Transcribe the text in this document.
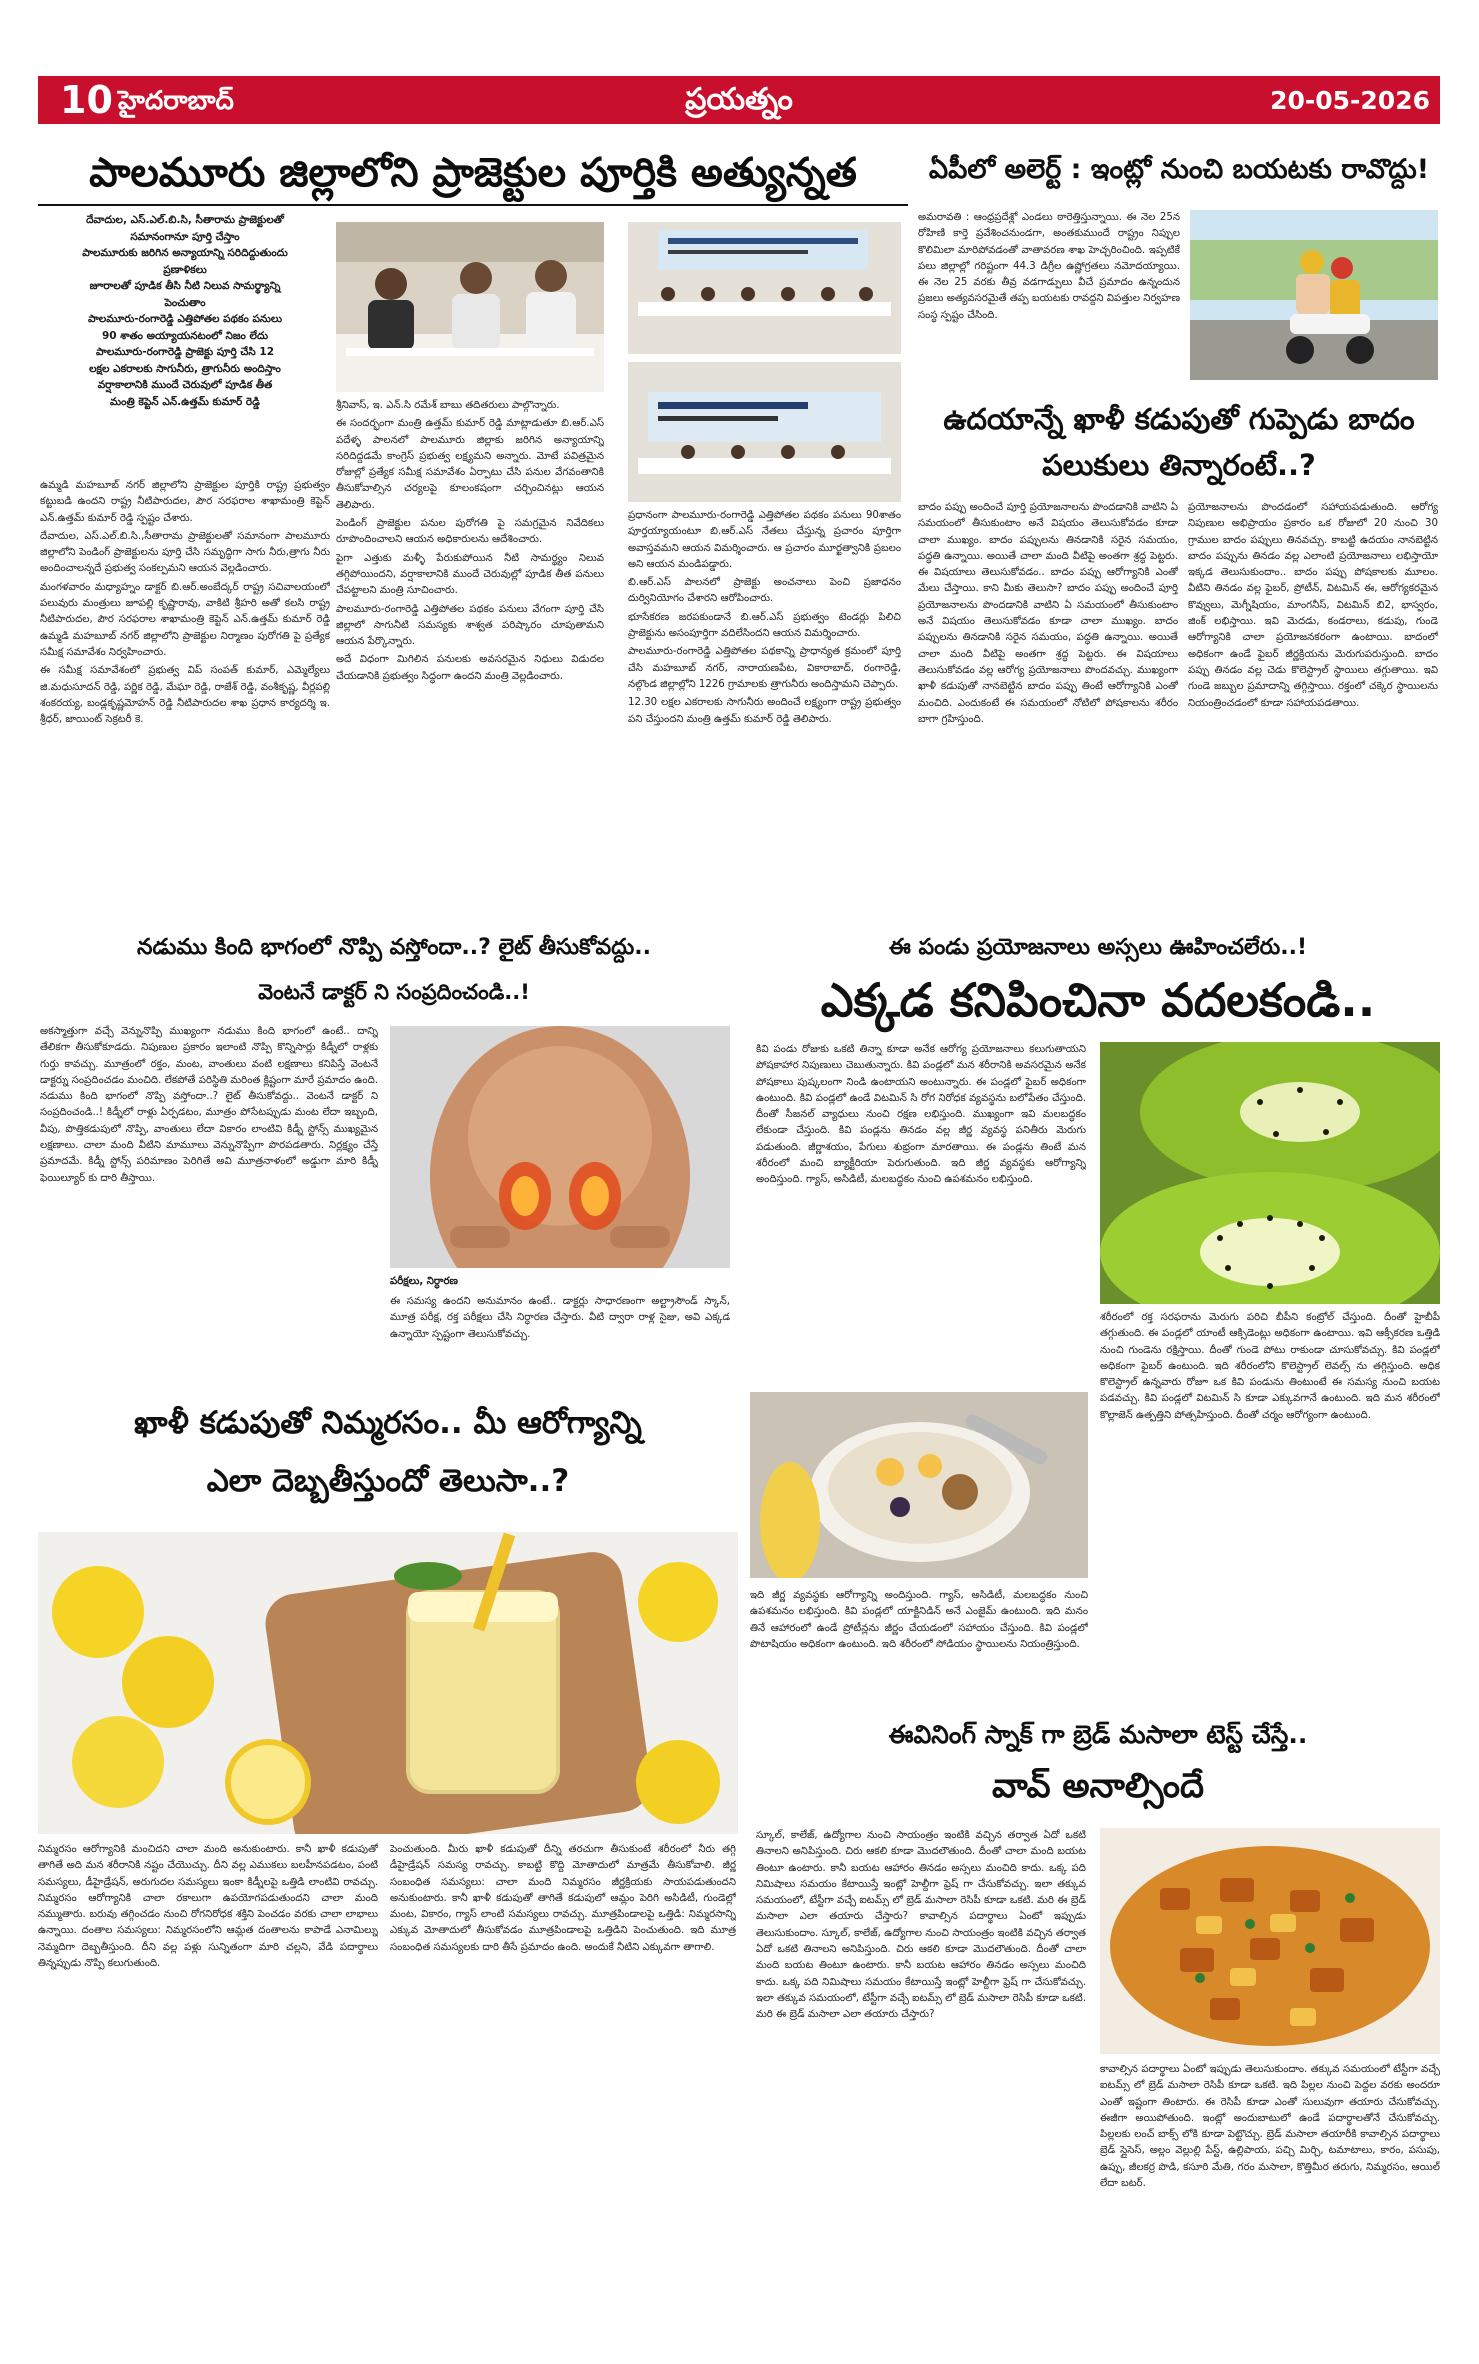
10 హైదరాబాద్	ప్రయత్నం	20-05-2026
పాలమూరు జిల్లాలోని ప్రాజెక్టుల పూర్తికి అత్యున్నత
దేవాదుల, ఎస్.ఎల్.బి.సి, సీతారామ ప్రాజెక్టులతో
సమానంగానూ పూర్తి చేస్తాం
పాలమూరుకు జరిగిన అన్యాయాన్ని సరిదిద్దుతుందు
ప్రణాళికలు
జూరాలతో పూడిక తీసి నీటి నిలువ సామర్థ్యాన్ని
పెంచుతాం
పాలమూరు-రంగారెడ్డి ఎత్తిపోతల పథకం పనులు
90 శాతం అయ్యాయనటంలో నిజం లేదు
పాలమూరు-రంగారెడ్డి ప్రాజెక్టు పూర్తి చేసి 12
లక్షల ఎకరాలకు సాగునీరు, త్రాగునీరు అందిస్తాం
వర్షాకాలానికి ముందే చెరువులో పూడిక తీత
మంత్రి కెప్టెన్ ఎన్.ఉత్తమ్ కుమార్ రెడ్డి

ఉమ్మడి మహబూబ్ నగర్ జిల్లాలోని ప్రాజెక్టుల పూర్తికి రాష్ట్ర ప్రభుత్వం కట్టుబడి ఉందని రాష్ట్ర నీటిపారుదల, పౌర సరఫరాల శాఖామంత్రి కెప్టెన్ ఎన్.ఉత్తమ్ కుమార్ రెడ్డి స్పష్టం చేశారు.

దేవాదుల, ఎస్.ఎల్.బి.సి.,సీతారామ ప్రాజెక్టులతో సమానంగా పాలమూరు జిల్లాలోని పెండింగ్ ప్రాజెక్టులను పూర్తి చేసి సమృద్ధిగా సాగు నీరు,త్రాగు నీరు అందించాలన్నదే ప్రభుత్వ సంకల్పమని ఆయన వెల్లడించారు.

మంగళవారం మధ్యాహ్నం డాక్టర్ బి.ఆర్.అంబేద్కర్ రాష్ట్ర సచివాలయంలో పలువురు మంత్రులు జూపల్లి కృష్ణారావు, వాకిటి శ్రీహరి అతో కలసి రాష్ట్ర నీటిపారుదల, పౌర సరఫరాల శాఖామంత్రి కెప్టెన్ ఎన్.ఉత్తమ్ కుమార్ రెడ్డి ఉమ్మడి మహబూబ్ నగర్ జిల్లాలోని ప్రాజెక్టుల నిర్మాణం పురోగతి పై ప్రత్యేక సమీక్ష సమావేశం నిర్వహించారు.

ఈ సమీక్ష సమావేశంలో ప్రభుత్వ విప్ సంపత్ కుమార్, ఎమ్మెల్యేలు జి.మధుసూదన్ రెడ్డి, పర్ణిక రెడ్డి, మేఘా రెడ్డి, రాజేశ్ రెడ్డి, వంశీకృష్ణ, వీర్లపల్లి శంకరయ్య, బండ్లకృష్ణమోహన్ రెడ్డి నీటిపారుదల శాఖ ప్రధాన కార్యదర్శి ఇ. శ్రీధర్, జాయింట్ సెక్రటరీ కె.

శ్రీనివాస్, ఇ. ఎన్.సి రమేశ్ బాబు తదితరులు పాల్గొన్నారు.

ఈ సందర్భంగా మంత్రి ఉత్తమ్ కుమార్ రెడ్డి మాట్లాడుతూ బి.ఆర్.ఎస్ పదేళ్ళ పాలనలో పాలమూరు జిల్లాకు జరిగిన అన్యాయాన్ని సరిదిద్దడమే కాంగ్రెస్ ప్రభుత్వ లక్ష్యమని అన్నారు. మోటే పవిత్రమైన రోజుల్లో ప్రత్యేక సమీక్ష సమావేశం ఏర్పాటు చేసి పనుల వేగవంతానికి తీసుకోవాల్సిన చర్యలపై కూలంకషంగా చర్చించినట్లు ఆయన తెలిపారు.

పెండింగ్ ప్రాజెక్టుల పనుల పురోగతి పై సమగ్రమైన నివేదికలు రూపొందించాలని ఆయన అధికారులను ఆదేశించారు.

పైగా ఎత్తుకు మళ్ళీ పేరుకుపోయిన నీటి సామర్థ్యం నిలువ తగ్గిపోయిందని, వర్షాకాలానికి ముందే చెరువుల్లో పూడిక తీత పనులు చేపట్టాలని మంత్రి సూచించారు.

పాలమూరు-రంగారెడ్డి ఎత్తిపోతల పథకం పనులు వేగంగా పూర్తి చేసి జిల్లాలో సాగునీటి సమస్యకు శాశ్వత పరిష్కారం చూపుతామని ఆయన పేర్కొన్నారు.

అదే విధంగా మిగిలిన పనులకు అవసరమైన నిధులు విడుదల చేయడానికి ప్రభుత్వం సిద్ధంగా ఉందని మంత్రి వెల్లడించారు.

ప్రధానంగా పాలమూరు-రంగారెడ్డి ఎత్తిపోతల పథకం పనులు 90శాతం పూర్తయ్యాయంటూ బి.ఆర్.ఎస్ నేతలు చేస్తున్న ప్రచారం పూర్తిగా అవాస్తవమని ఆయన విమర్శించారు. ఆ ప్రచారం మూర్ఖత్వానికి ప్రబలం అని ఆయన మండిపడ్డారు.

బి.ఆర్.ఎస్ పాలనలో ప్రాజెక్టు అంచనాలు పెంచి ప్రజాధనం దుర్వినియోగం చేశారని ఆరోపించారు.

భూసేకరణ జరపకుండానే బి.ఆర్.ఎస్ ప్రభుత్వం టెండర్లు పిలిచి ప్రాజెక్టును అసంపూర్తిగా వదిలేసిందని ఆయన విమర్శించారు.

పాలమూరు-రంగారెడ్డి ఎత్తిపోతల పథకాన్ని ప్రాధాన్యత క్రమంలో పూర్తి చేసి మహబూబ్ నగర్, నారాయణపేట, వికారాబాద్, రంగారెడ్డి, నల్గొండ జిల్లాల్లోని 1226 గ్రామాలకు త్రాగునీరు అందిస్తామని చెప్పారు.

12.30 లక్షల ఎకరాలకు సాగునీరు అందించే లక్ష్యంగా రాష్ట్ర ప్రభుత్వం పని చేస్తుందని మంత్రి ఉత్తమ్ కుమార్ రెడ్డి తెలిపారు.

ఏపీలో అలెర్ట్ : ఇంట్లో నుంచి బయటకు రావొద్దు!
అమరావతి : ఆంధ్రప్రదేశ్లో ఎండలు ఠారెత్తిస్తున్నాయి. ఈ నెల 25న రోహిణి కార్తె ప్రవేశించనుండగా, అంతకుముందే రాష్ట్రం నిప్పుల కొలిమిలా మారిపోవడంతో వాతావరణ శాఖ హెచ్చరించింది. ఇప్పటికే పలు జిల్లాల్లో గరిష్టంగా 44.3 డిగ్రీల ఉష్ణోగ్రతలు నమోదయ్యాయి. ఈ నెల 25 వరకు తీవ్ర వడగాడ్పులు వీచే ప్రమాదం ఉన్నందున ప్రజలు అత్యవసరమైతే తప్ప బయటకు రావద్దని విపత్తుల నిర్వహణ సంస్థ స్పష్టం చేసింది.
ఉదయాన్నే ఖాళీ కడుపుతో గుప్పెడు బాదం పలుకులు తిన్నారంటే..?
బాదం పప్పు అందించే పూర్తి ప్రయోజనాలను పొందడానికి వాటిని ఏ సమయంలో తీసుకుంటాం అనే విషయం తెలుసుకోవడం కూడా చాలా ముఖ్యం. బాదం పప్పులను తినడానికి సరైన సమయం, పద్ధతి ఉన్నాయి. అయితే చాలా మంది వీటిపై అంతగా శ్రద్ధ పెట్టరు. ఈ విషయాలు తెలుసుకోవడం.. బాదం పప్పు ఆరోగ్యానికి ఎంతో మేలు చేస్తాయి. కాని మీకు తెలుసా? బాదం పప్పు అందించే పూర్తి ప్రయోజనాలను పొందడానికి వాటిని ఏ సమయంలో తీసుకుంటాం అనే విషయం తెలుసుకోవడం కూడా చాలా ముఖ్యం. బాదం పప్పులను తినడానికి సరైన సమయం, పద్ధతి ఉన్నాయి. అయితే చాలా మంది వీటిపై అంతగా శ్రద్ధ పెట్టరు. ఈ విషయాలు తెలుసుకోవడం వల్ల ఆరోగ్య ప్రయోజనాలు పొందవచ్చు. ముఖ్యంగా ఖాళీ కడుపుతో నానబెట్టిన బాదం పప్పు తింటే ఆరోగ్యానికి ఎంతో మంచిది. ఎందుకంటే ఈ సమయంలో నోటిలో పోషకాలను శరీరం బాగా గ్రహిస్తుంది.
ప్రయోజనాలను పొందడంలో సహాయపడుతుంది. ఆరోగ్య నిపుణుల అభిప్రాయం ప్రకారం ఒక రోజులో 20 నుంచి 30 గ్రాముల బాదం పప్పులు తినవచ్చు. కాబట్టి ఉదయం నానబెట్టిన బాదం పప్పును తినడం వల్ల ఎలాంటి ప్రయోజనాలు లభిస్తాయో ఇక్కడ తెలుసుకుందాం.. బాదం పప్పు పోషకాలకు మూలం. వీటిని తినడం వల్ల ఫైబర్, ప్రోటీన్, విటమిన్ ఈ, ఆరోగ్యకరమైన కొవ్వులు, మెగ్నీషియం, మాంగనీస్, విటమిన్ బి2, భాస్వరం, జింక్ లభిస్తాయి. ఇవి మెదడు, కండరాలు, కడుపు, గుండె ఆరోగ్యానికి చాలా ప్రయోజనకరంగా ఉంటాయి. బాదంలో అధికంగా ఉండే ఫైబర్ జీర్ణక్రియను మెరుగుపరుస్తుంది. బాదం పప్పు తినడం వల్ల చెడు కొలెస్ట్రాల్ స్థాయిలు తగ్గుతాయి. ఇవి గుండె జబ్బుల ప్రమాదాన్ని తగ్గిస్తాయి. రక్తంలో చక్కెర స్థాయిలను నియంత్రించడంలో కూడా సహాయపడతాయి.
నడుము కింది భాగంలో నొప్పి వస్తోందా..? లైట్ తీసుకోవద్దు..
వెంటనే డాక్టర్ ని సంప్రదించండి..!
అకస్మాత్తుగా వచ్చే వెన్నునొప్పి ముఖ్యంగా నడుము కింది భాగంలో ఉంటే.. దాన్ని తేలికగా తీసుకోకూడదు. నిపుణుల ప్రకారం ఇలాంటి నొప్పి కొన్నిసార్లు కిడ్నీలో రాళ్లకు గుర్తు కావచ్చు. మూత్రంలో రక్తం, మంట, వాంతులు వంటి లక్షణాలు కనిపిస్తే వెంటనే డాక్టర్ను సంప్రదించడం మంచిది. లేకపోతే పరిస్థితి మరింత క్లిష్టంగా మారే ప్రమాదం ఉంది. నడుము కింది భాగంలో నొప్పి వస్తోందా..? లైట్ తీసుకోవద్దు.. వెంటనే డాక్టర్ ని సంప్రదించండి..! కిడ్నీలో రాళ్లు ఏర్పడటం, మూత్రం పోసేటప్పుడు మంట లేదా ఇబ్బంది, వీపు, పొత్తికడుపులో నొప్పి, వాంతులు లేదా వికారం లాంటివి కిడ్నీ స్టోన్స్ ముఖ్యమైన లక్షణాలు. చాలా మంది వీటిని మామూలు వెన్నునొప్పిగా పొరపడతారు. నిర్లక్ష్యం చేస్తే ప్రమాదమే. కిడ్నీ స్టోన్స్ పరిమాణం పెరిగితే అవి మూత్రనాళంలో అడ్డుగా మారి కిడ్నీ ఫెయిల్యూర్ కు దారి తీస్తాయి.
పరీక్షలు, నిర్ధారణ
ఈ సమస్య ఉందని అనుమానం ఉంటే.. డాక్టర్లు సాధారణంగా అల్ట్రాసౌండ్ స్కాన్, మూత్ర పరీక్ష, రక్త పరీక్షలు చేసి నిర్ధారణ చేస్తారు. వీటి ద్వారా రాళ్ల సైజు, అవి ఎక్కడ ఉన్నాయో స్పష్టంగా తెలుసుకోవచ్చు.
ఈ పండు ప్రయోజనాలు అస్సలు ఊహించలేరు..!
ఎక్కడ కనిపించినా వదలకండి..
కివి పండు రోజుకు ఒకటి తిన్నా కూడా అనేక ఆరోగ్య ప్రయోజనాలు కలుగుతాయని పోషకాహార నిపుణులు చెబుతున్నారు. కివి పండ్లలో మన శరీరానికి అవసరమైన అనేక పోషకాలు పుష్కలంగా నిండి ఉంటాయని అంటున్నారు. ఈ పండ్లలో ఫైబర్ అధికంగా ఉంటుంది. కివి పండ్లలో ఉండే విటమిన్ సి రోగ నిరోధక వ్యవస్థను బలోపేతం చేస్తుంది. దీంతో సీజనల్ వ్యాధులు నుంచి రక్షణ లభిస్తుంది. ముఖ్యంగా ఇవి మలబద్ధకం లేకుండా చేస్తుంది. కివి పండ్లను తినడం వల్ల జీర్ణ వ్యవస్థ పనితీరు మెరుగు పడుతుంది. జీర్ణాశయం, పేగులు శుభ్రంగా మారతాయి. ఈ పండ్లను తింటే మన శరీరంలో మంచి బ్యాక్టీరియా పెరుగుతుంది. ఇది జీర్ణ వ్యవస్థకు ఆరోగ్యాన్ని అందిస్తుంది. గ్యాస్, అసిడిటీ, మలబద్ధకం నుంచి ఉపశమనం లభిస్తుంది.
శరీరంలో రక్త సరఫరాను మెరుగు పరిచి బీపీని కంట్రోల్ చేస్తుంది. దీంతో హైబీపీ తగ్గుతుంది. ఈ పండ్లలో యాంటీ ఆక్సిడెంట్లు అధికంగా ఉంటాయి. ఇవి ఆక్సీకరణ ఒత్తిడి నుంచి గుండెను రక్షిస్తాయి. దీంతో గుండె పోటు రాకుండా చూసుకోవచ్చు. కివి పండ్లలో అధికంగా ఫైబర్ ఉంటుంది. ఇది శరీరంలోని కొలెస్ట్రాల్ లెవల్స్ ను తగ్గిస్తుంది. అధిక కొలెస్ట్రాల్ ఉన్నవారు రోజూ ఒక కివి పండును తింటుంటే ఈ సమస్య నుంచి బయట పడవచ్చు. కివి పండ్లలో విటమిన్ సి కూడా ఎక్కువగానే ఉంటుంది. ఇది మన శరీరంలో కొల్లాజెన్ ఉత్పత్తిని పోత్సహిస్తుంది. దీంతో చర్మం ఆరోగ్యంగా ఉంటుంది.
ఇది జీర్ణ వ్యవస్థకు ఆరోగ్యాన్ని అందిస్తుంది. గ్యాస్, అసిడిటీ, మలబద్ధకం నుంచి ఉపశమనం లభిస్తుంది. కివి పండ్లలో యాక్టినిడిన్ అనే ఎంజైమ్ ఉంటుంది. ఇది మనం తినే ఆహారంలో ఉండే ప్రోటీన్లను జీర్ణం చేయడంలో సహాయం చేస్తుంది. కివి పండ్లలో పొటాషియం అధికంగా ఉంటుంది. ఇది శరీరంలో సోడియం స్థాయిలను నియంత్రిస్తుంది.
ఖాళీ కడుపుతో నిమ్మరసం.. మీ ఆరోగ్యాన్ని
ఎలా దెబ్బతీస్తుందో తెలుసా..?
నిమ్మరసం ఆరోగ్యానికి మంచిదని చాలా మంది అనుకుంటారు. కానీ ఖాళీ కడుపుతో తాగితే అది మన శరీరానికి నష్టం చేయొచ్చు. దీని వల్ల ఎముకలు బలహీనపడటం, పంటి సమస్యలు, డీహైడ్రేషన్, అరుగుదల సమస్యలు ఇంకా కిడ్నీలపై ఒత్తిడి లాంటివి రావచ్చు. నిమ్మరసం ఆరోగ్యానికి చాలా రకాలుగా ఉపయోగపడుతుందని చాలా మంది నమ్ముతారు. బరువు తగ్గించడం నుంచి రోగనిరోధక శక్తిని పెంచడం వరకు చాలా లాభాలు ఉన్నాయి. దంతాల సమస్యలు: నిమ్మరసంలోని ఆమ్లత దంతాలను కాపాడే ఎనామిల్ను నెమ్మదిగా దెబ్బతీస్తుంది. దీని వల్ల పళ్లు సున్నితంగా మారి చల్లని, వేడి పదార్థాలు తిన్నప్పుడు నొప్పి కలుగుతుంది.
పెంచుతుంది. మీరు ఖాళీ కడుపుతో దీన్ని తరచుగా తీసుకుంటే శరీరంలో నీరు తగ్గి డీహైడ్రేషన్ సమస్య రావచ్చు. కాబట్టి కొద్ది మోతాదులో మాత్రమే తీసుకోవాలి. జీర్ణ సంబంధిత సమస్యలు: చాలా మంది నిమ్మరసం జీర్ణక్రియకు సాయపడుతుందని అనుకుంటారు. కానీ ఖాళీ కడుపుతో తాగితే కడుపులో ఆమ్లం పెరిగి అసిడిటీ, గుండెల్లో మంట, వికారం, గ్యాస్ లాంటి సమస్యలు రావచ్చు. మూత్రపిండాలపై ఒత్తిడి: నిమ్మరసాన్ని ఎక్కువ మోతాదులో తీసుకోవడం మూత్రపిండాలపై ఒత్తిడిని పెంచుతుంది. ఇది మూత్ర సంబంధిత సమస్యలకు దారి తీసే ప్రమాదం ఉంది. అందుకే నీటిని ఎక్కువగా తాగాలి.
ఈవినింగ్ స్నాక్ గా బ్రెడ్ మసాలా టెస్ట్ చేస్తే..
వావ్ అనాల్సిందే
స్కూల్, కాలేజ్, ఉద్యోగాల నుంచి సాయంత్రం ఇంటికి వచ్చిన తర్వాత ఏదో ఒకటి తినాలని అనిపిస్తుంది. చిరు ఆకలి కూడా మొదలౌతుంది. దీంతో చాలా మంది బయట తింటూ ఉంటారు. కానీ బయట ఆహారం తినడం అస్సలు మంచిది కాదు. ఒక్క పది నిమిషాలు సమయం కేటాయిస్తే ఇంట్లో హెల్దీగా ఫ్రెష్ గా చేసుకోవచ్చు. ఇలా తక్కువ సమయంలో, టేస్టీగా వచ్చే ఐటమ్స్ లో బ్రెడ్ మసాలా రెసిపీ కూడా ఒకటి. మరి ఈ బ్రెడ్ మసాలా ఎలా తయారు చేస్తారు? కావాల్సిన పదార్థాలు ఏంటో ఇప్పుడు తెలుసుకుందాం. స్కూల్, కాలేజ్, ఉద్యోగాల నుంచి సాయంత్రం ఇంటికి వచ్చిన తర్వాత ఏదో ఒకటి తినాలని అనిపిస్తుంది. చిరు ఆకలి కూడా మొదలౌతుంది. దీంతో చాలా మంది బయట తింటూ ఉంటారు. కానీ బయట ఆహారం తినడం అస్సలు మంచిది కాదు. ఒక్క పది నిమిషాలు సమయం కేటాయిస్తే ఇంట్లో హెల్దీగా ఫ్రెష్ గా చేసుకోవచ్చు. ఇలా తక్కువ సమయంలో, టేస్టీగా వచ్చే ఐటమ్స్ లో బ్రెడ్ మసాలా రెసిపీ కూడా ఒకటి. మరి ఈ బ్రెడ్ మసాలా ఎలా తయారు చేస్తారు?
కావాల్సిన పదార్థాలు ఏంటో ఇప్పుడు తెలుసుకుందాం. తక్కువ సమయంలో టేస్టీగా వచ్చే ఐటమ్స్ లో బ్రెడ్ మసాలా రెసిపీ కూడా ఒకటి. ఇది పిల్లల నుంచి పెద్దల వరకు అందరూ ఎంతో ఇష్టంగా తింటారు. ఈ రెసిపీ కూడా ఎంతో సులువుగా తయారు చేసుకోవచ్చు. ఈజీగా అయిపోతుంది. ఇంట్లో అందుబాటులో ఉండే పదార్థాలతోనే చేసుకోవచ్చు. పిల్లలకు లంచ్ బాక్స్ లోకి కూడా పెట్టొచ్చు. బ్రెడ్ మసాలా తయారీకి కావాల్సిన పదార్థాలు బ్రెడ్ స్లైసెస్, అల్లం వెల్లుల్లి పేస్ట్, ఉల్లిపాయ, పచ్చి మిర్చి, టమాటాలు, కారం, పసుపు, ఉప్పు, జీలకర్ర పొడి, కసూరి మేతి, గరం మసాలా, కొత్తిమీర తరుగు, నిమ్మరసం, ఆయిల్ లేదా బటర్.
